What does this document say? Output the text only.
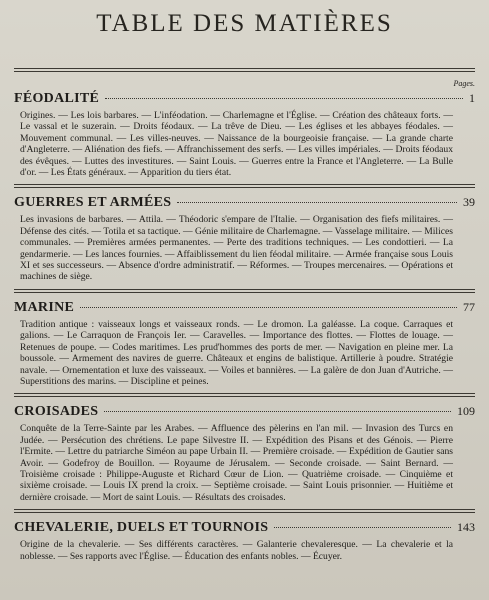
TABLE DES MATIÈRES
Pages.
FÉODALITÉ	1
Origines. — Les lois barbares. — L'inféodation. — Charlemagne et l'Église. — Création des châteaux forts. — Le vassal et le suzerain. — Droits féodaux. — La trêve de Dieu. — Les églises et les abbayes féodales. — Mouvement communal. — Les villes-neuves. — Naissance de la bourgeoisie française. — La grande charte d'Angleterre. — Aliénation des fiefs. — Affranchissement des serfs. — Les villes impériales. — Droits féodaux des évêques. — Luttes des investitures. — Saint Louis. — Guerres entre la France et l'Angleterre. — La Bulle d'or. — Les États généraux. — Apparition du tiers état.
GUERRES ET ARMÉES	39
Les invasions de barbares. — Attila. — Théodoric s'empare de l'Italie. — Organisation des fiefs militaires. — Défense des cités. — Totila et sa tactique. — Génie militaire de Charlemagne. — Vasselage militaire. — Milices communales. — Premières armées permanentes. — Perte des traditions techniques. — Les condottieri. — La gendarmerie. — Les lances fournies. — Affaiblissement du lien féodal militaire. — Armée française sous Louis XI et ses successeurs. — Absence d'ordre administratif. — Réformes. — Troupes mercenaires. — Opérations et machines de siège.
MARINE	77
Tradition antique : vaisseaux longs et vaisseaux ronds. — Le dromon. La galéasse. La coque. Carraques et galions. — Le Carraquon de François Ier. — Caravelles. — Importance des flottes. — Flottes de louage. — Retenues de poupe. — Codes maritimes. Les prud'hommes des ports de mer. — Navigation en pleine mer. La boussole. — Armement des navires de guerre. Châteaux et engins de balistique. Artillerie à poudre. Stratégie navale. — Ornementation et luxe des vaisseaux. — Voiles et bannières. — La galère de don Juan d'Autriche. — Superstitions des marins. — Discipline et peines.
CROISADES	109
Conquête de la Terre-Sainte par les Arabes. — Affluence des pèlerins en l'an mil. — Invasion des Turcs en Judée. — Persécution des chrétiens. Le pape Silvestre II. — Expédition des Pisans et des Génois. — Pierre l'Ermite. — Lettre du patriarche Siméon au pape Urbain II. — Première croisade. — Expédition de Gautier sans Avoir. — Godefroy de Bouillon. — Royaume de Jérusalem. — Seconde croisade. — Saint Bernard. — Troisième croisade : Philippe-Auguste et Richard Cœur de Lion. — Quatrième croisade. — Cinquième et sixième croisade. — Louis IX prend la croix. — Septième croisade. — Saint Louis prisonnier. — Huitième et dernière croisade. — Mort de saint Louis. — Résultats des croisades.
CHEVALERIE, DUELS ET TOURNOIS	143
Origine de la chevalerie. — Ses différents caractères. — Galanterie chevaleresque. — La chevalerie et la noblesse. — Ses rapports avec l'Église. — Éducation des enfants nobles. — Écuyer.
